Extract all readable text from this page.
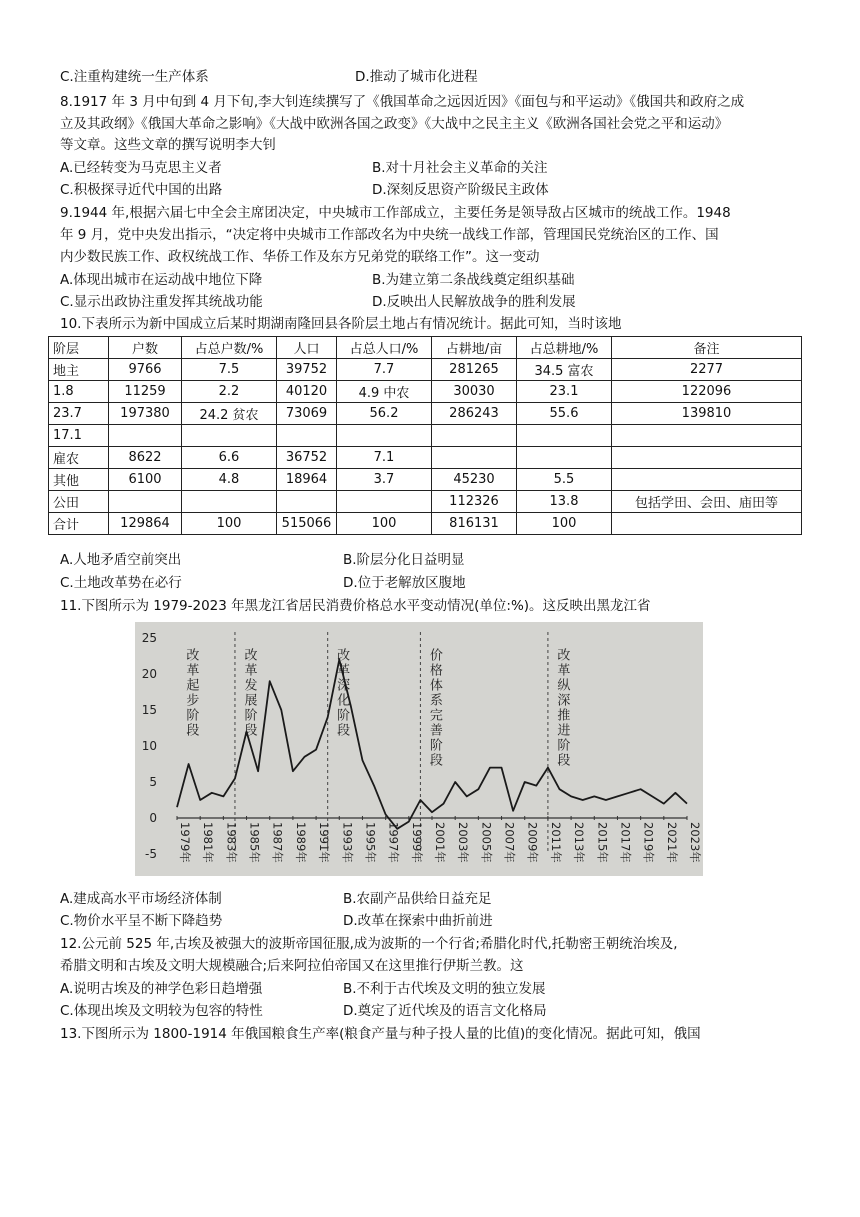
C.注重构建统一生产体系	D.推动了城市化进程
8.1917 年 3 月中旬到 4 月下旬,李大钊连续撰写了《俄国革命之远因近因》《面包与和平运动》《俄国共和政府之成
立及其政纲》《俄国大革命之影响》《大战中欧洲各国之政变》《大战中之民主主义《欧洲各国社会党之平和运动》
等文章。这些文章的撰写说明李大钊
A.已经转变为马克思主义者	B.对十月社会主义革命的关注
C.积极探寻近代中国的出路	D.深刻反思资产阶级民主政体
9.1944 年,根据六届七中全会主席团决定，中央城市工作部成立，主要任务是领导敌占区城市的统战工作。1948
年 9 月，党中央发出指示，“决定将中央城市工作部改名为中央统一战线工作部，管理国民党统治区的工作、国
内少数民族工作、政权统战工作、华侨工作及东方兄弟党的联络工作”。这一变动
A.体现出城市在运动战中地位下降	B.为建立第二条战线奠定组织基础
C.显示出政协注重发挥其统战功能	D.反映出人民解放战争的胜利发展
10.下表所示为新中国成立后某时期湖南隆回县各阶层土地占有情况统计。据此可知，当时该地
阶层	户数	占总户数/%	人口	占总人口/%	占耕地/亩	占总耕地/%	备注
地主	9766	7.5	39752	7.7	281265	34.5 富农	2277
1.8	11259	2.2	40120	4.9 中农	30030	23.1	122096
23.7	197380	24.2 贫农	73069	56.2	286243	55.6	139810
17.1							
雇农	8622	6.6	36752	7.1			
其他	6100	4.8	18964	3.7	45230	5.5	
公田					112326	13.8	包括学田、会田、庙田等
合计	129864	100	515066	100	816131	100	
A.人地矛盾空前突出	B.阶层分化日益明显
C.土地改革势在必行	D.位于老解放区腹地
11.下图所示为 1979-2023 年黑龙江省居民消费价格总水平变动情况(单位:%)。这反映出黑龙江省
25
20
15
10
5
0
-5
改革起步阶段
改革发展阶段
改革深化阶段
价格体系完善阶段
改革纵深推进阶段
1979年 1981年 1983年 1985年 1987年 1989年 1991年 1993年 1995年 1997年 1999年 2001年 2003年 2005年 2007年 2009年 2011年 2013年 2015年 2017年 2019年 2021年 2023年
A.建成高水平市场经济体制	B.农副产品供给日益充足
C.物价水平呈不断下降趋势	D.改革在探索中曲折前进
12.公元前 525 年,古埃及被强大的波斯帝国征服,成为波斯的一个行省;希腊化时代,托勒密王朝统治埃及,
希腊文明和古埃及文明大规模融合;后来阿拉伯帝国又在这里推行伊斯兰教。这
A.说明古埃及的神学色彩日趋增强	B.不利于古代埃及文明的独立发展
C.体现出埃及文明较为包容的特性	D.奠定了近代埃及的语言文化格局
13.下图所示为 1800-1914 年俄国粮食生产率(粮食产量与种子投人量的比值)的变化情况。据此可知，俄国
